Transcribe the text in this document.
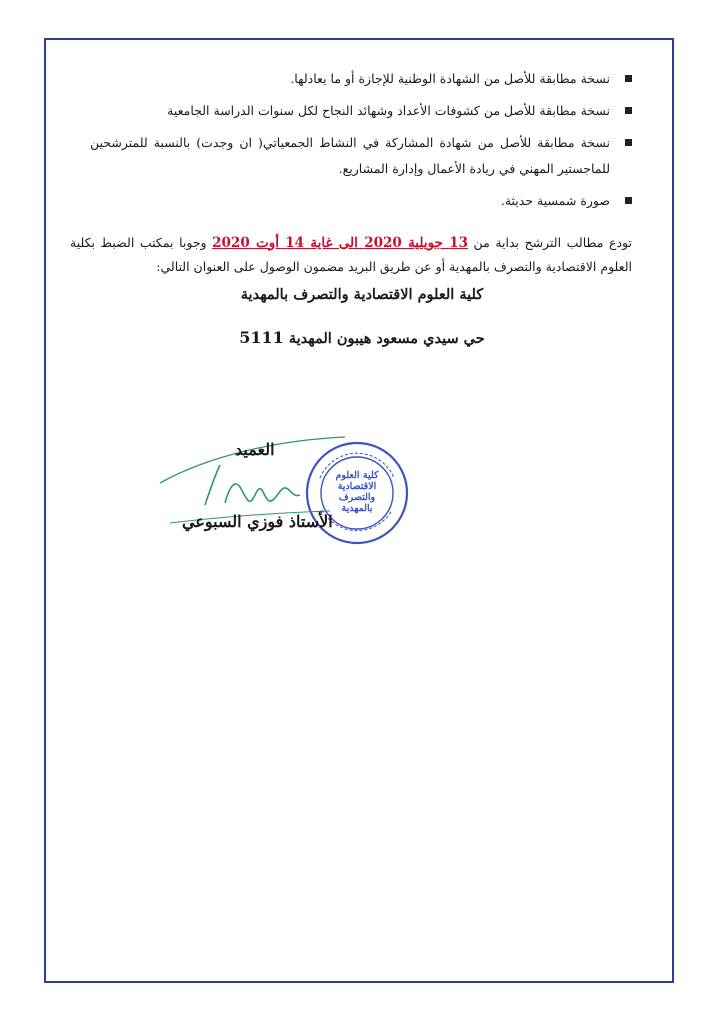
نسخة مطابقة للأصل من الشهادة الوطنية للإجازة أو ما يعادلها.
نسخة مطابقة للأصل من كشوفات الأعداد وشهائد النجاح لكل سنوات الدراسة الجامعية
نسخة مطابقة للأصل من شهادة المشاركة في النشاط الجمعياتي( ان وجدت) بالنسبة للمترشحين للماجستير المهني في ريادة الأعمال وإدارة المشاريع.
صورة شمسية حديثة.

تودع مطالب الترشح بداية من 13 جويلية 2020 الى غاية 14 أوت 2020 وجوبا بمكتب الضبط بكلية العلوم الاقتصادية والتصرف بالمهدية أو عن طريق البريد مضمون الوصول على العنوان التالي:

كلية العلوم الاقتصادية والتصرف بالمهدية
حي سيدي مسعود هيبون المهدية 5111
كلية العلوم
الاقتصادية
والتصرف
بالمهدية
العميد
الأستاذ فوزي السبوعي
